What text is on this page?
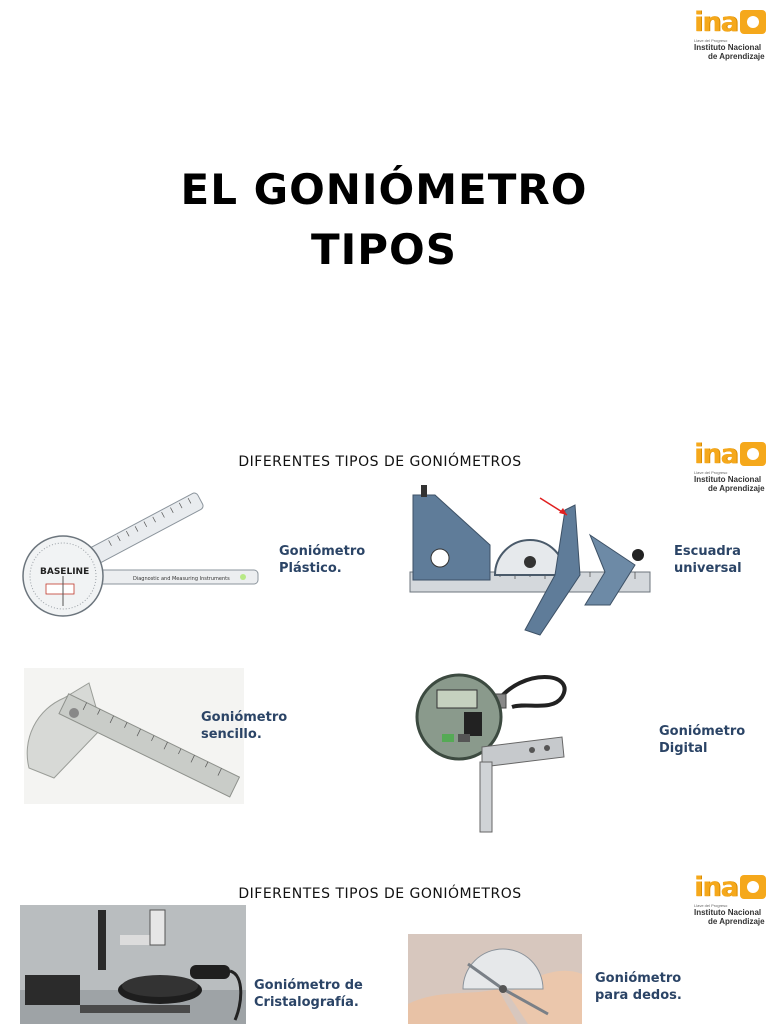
ina
Llave del Progreso
Instituto Nacional
de Aprendizaje
EL GONIÓMETRO
TIPOS
DIFERENTES TIPOS DE GONIÓMETROS	ina
Llave del Progreso
Instituto Nacional
de Aprendizaje
Diagnostic and Measuring Instruments
BASELINE
Goniómetro
Plástico.
Escuadra
universal
Goniómetro
sencillo.	Goniómetro
Digital
DIFERENTES TIPOS DE GONIÓMETROS	ina
Llave del Progreso
Instituto Nacional
de Aprendizaje
Goniómetro de
Cristalografía.
Goniómetro
para dedos.
